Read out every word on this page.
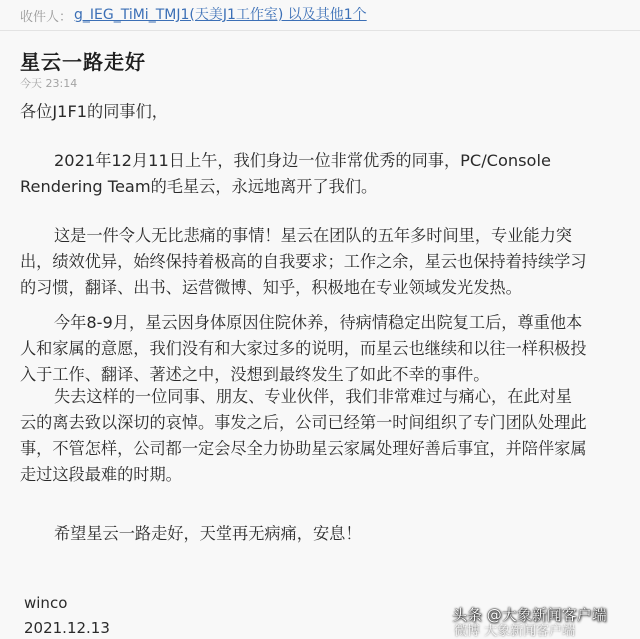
收件人： g_IEG_TiMi_TMJ1(天美J1工作室) 以及其他1个
星云一路走好
今天 23:14
各位J1F1的同事们，
2021年12月11日上午，我们身边一位非常优秀的同事，PC/Console
Rendering Team的毛星云，永远地离开了我们。
这是一件令人无比悲痛的事情！星云在团队的五年多时间里，专业能力突
出，绩效优异，始终保持着极高的自我要求；工作之余，星云也保持着持续学习
的习惯，翻译、出书、运营微博、知乎，积极地在专业领域发光发热。
今年8-9月，星云因身体原因住院休养，待病情稳定出院复工后，尊重他本
人和家属的意愿，我们没有和大家过多的说明，而星云也继续和以往一样积极投
入于工作、翻译、著述之中，没想到最终发生了如此不幸的事件。
失去这样的一位同事、朋友、专业伙伴，我们非常难过与痛心，在此对星
云的离去致以深切的哀悼。事发之后，公司已经第一时间组织了专门团队处理此
事，不管怎样，公司都一定会尽全力协助星云家属处理好善后事宜，并陪伴家属
走过这段最难的时期。
希望星云一路走好，天堂再无病痛，安息！
winco
2021.12.13
头条 @大象新闻客户端
微博 大象新闻客户端
